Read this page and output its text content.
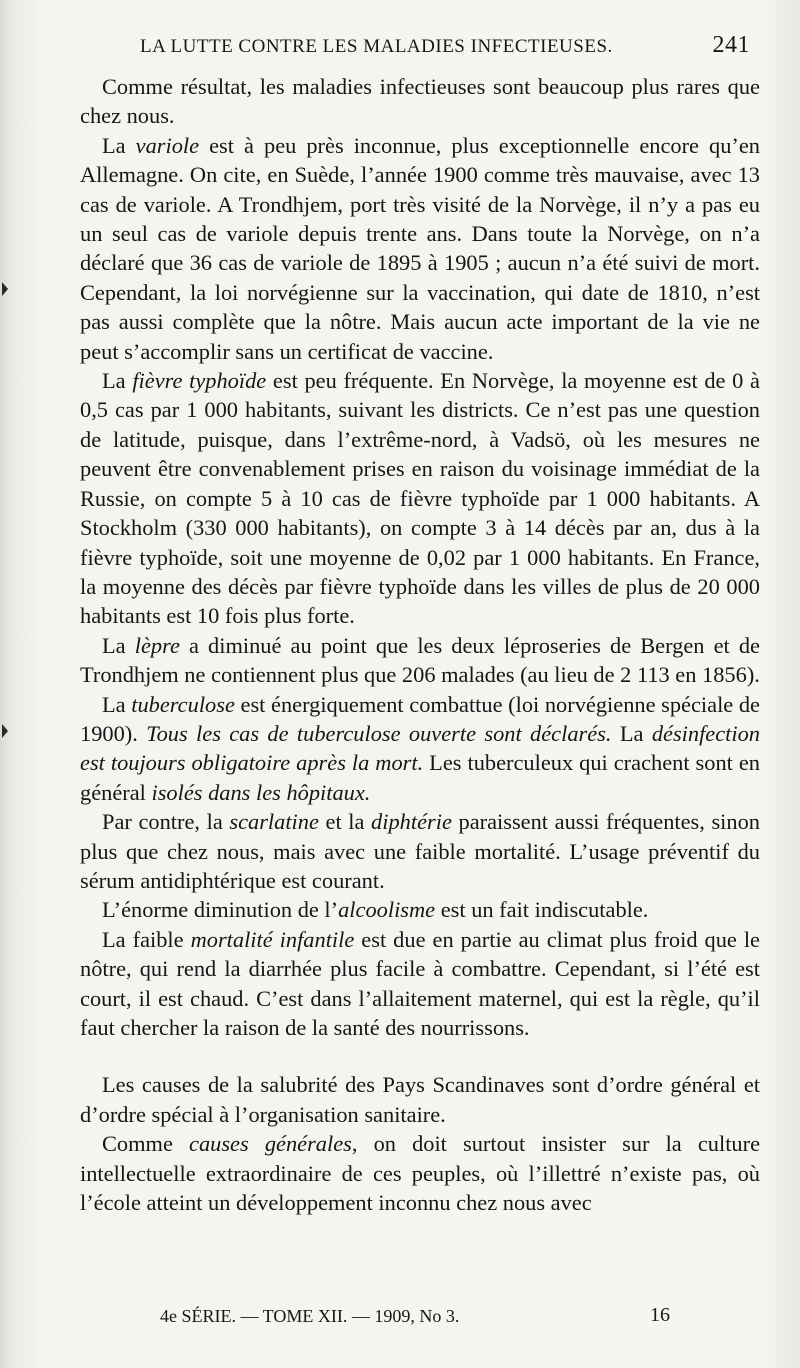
LA LUTTE CONTRE LES MALADIES INFECTIEUSES.	241

Comme résultat, les maladies infectieuses sont beaucoup plus rares que chez nous.

La variole est à peu près inconnue, plus exceptionnelle encore qu’en Allemagne. On cite, en Suède, l’année 1900 comme très mauvaise, avec 13 cas de variole. A Trondhjem, port très visité de la Norvège, il n’y a pas eu un seul cas de variole depuis trente ans. Dans toute la Norvège, on n’a déclaré que 36 cas de variole de 1895 à 1905 ; aucun n’a été suivi de mort. Cependant, la loi norvégienne sur la vaccination, qui date de 1810, n’est pas aussi complète que la nôtre. Mais aucun acte important de la vie ne peut s’accomplir sans un certificat de vaccine.

La fièvre typhoïde est peu fréquente. En Norvège, la moyenne est de 0 à 0,5 cas par 1 000 habitants, suivant les districts. Ce n’est pas une question de latitude, puisque, dans l’extrême-nord, à Vadsö, où les mesures ne peuvent être convenablement prises en raison du voisinage immédiat de la Russie, on compte 5 à 10 cas de fièvre typhoïde par 1 000 habitants. A Stockholm (330 000 habitants), on compte 3 à 14 décès par an, dus à la fièvre typhoïde, soit une moyenne de 0,02 par 1 000 habitants. En France, la moyenne des décès par fièvre typhoïde dans les villes de plus de 20 000 habitants est 10 fois plus forte.

La lèpre a diminué au point que les deux léproseries de Bergen et de Trondhjem ne contiennent plus que 206 malades (au lieu de 2 113 en 1856).

La tuberculose est énergiquement combattue (loi norvégienne spéciale de 1900). Tous les cas de tuberculose ouverte sont déclarés. La désinfection est toujours obligatoire après la mort. Les tuberculeux qui crachent sont en général isolés dans les hôpitaux.

Par contre, la scarlatine et la diphtérie paraissent aussi fréquentes, sinon plus que chez nous, mais avec une faible mortalité. L’usage préventif du sérum antidiphtérique est courant.

L’énorme diminution de l’alcoolisme est un fait indiscutable.

La faible mortalité infantile est due en partie au climat plus froid que le nôtre, qui rend la diarrhée plus facile à combattre. Cependant, si l’été est court, il est chaud. C’est dans l’allaitement maternel, qui est la règle, qu’il faut chercher la raison de la santé des nourrissons.

Les causes de la salubrité des Pays Scandinaves sont d’ordre général et d’ordre spécial à l’organisation sanitaire.

Comme causes générales, on doit surtout insister sur la culture intellectuelle extraordinaire de ces peuples, où l’illettré n’existe pas, où l’école atteint un développement inconnu chez nous avec

4e SÉRIE. — TOME XII. — 1909, No 3.	16
